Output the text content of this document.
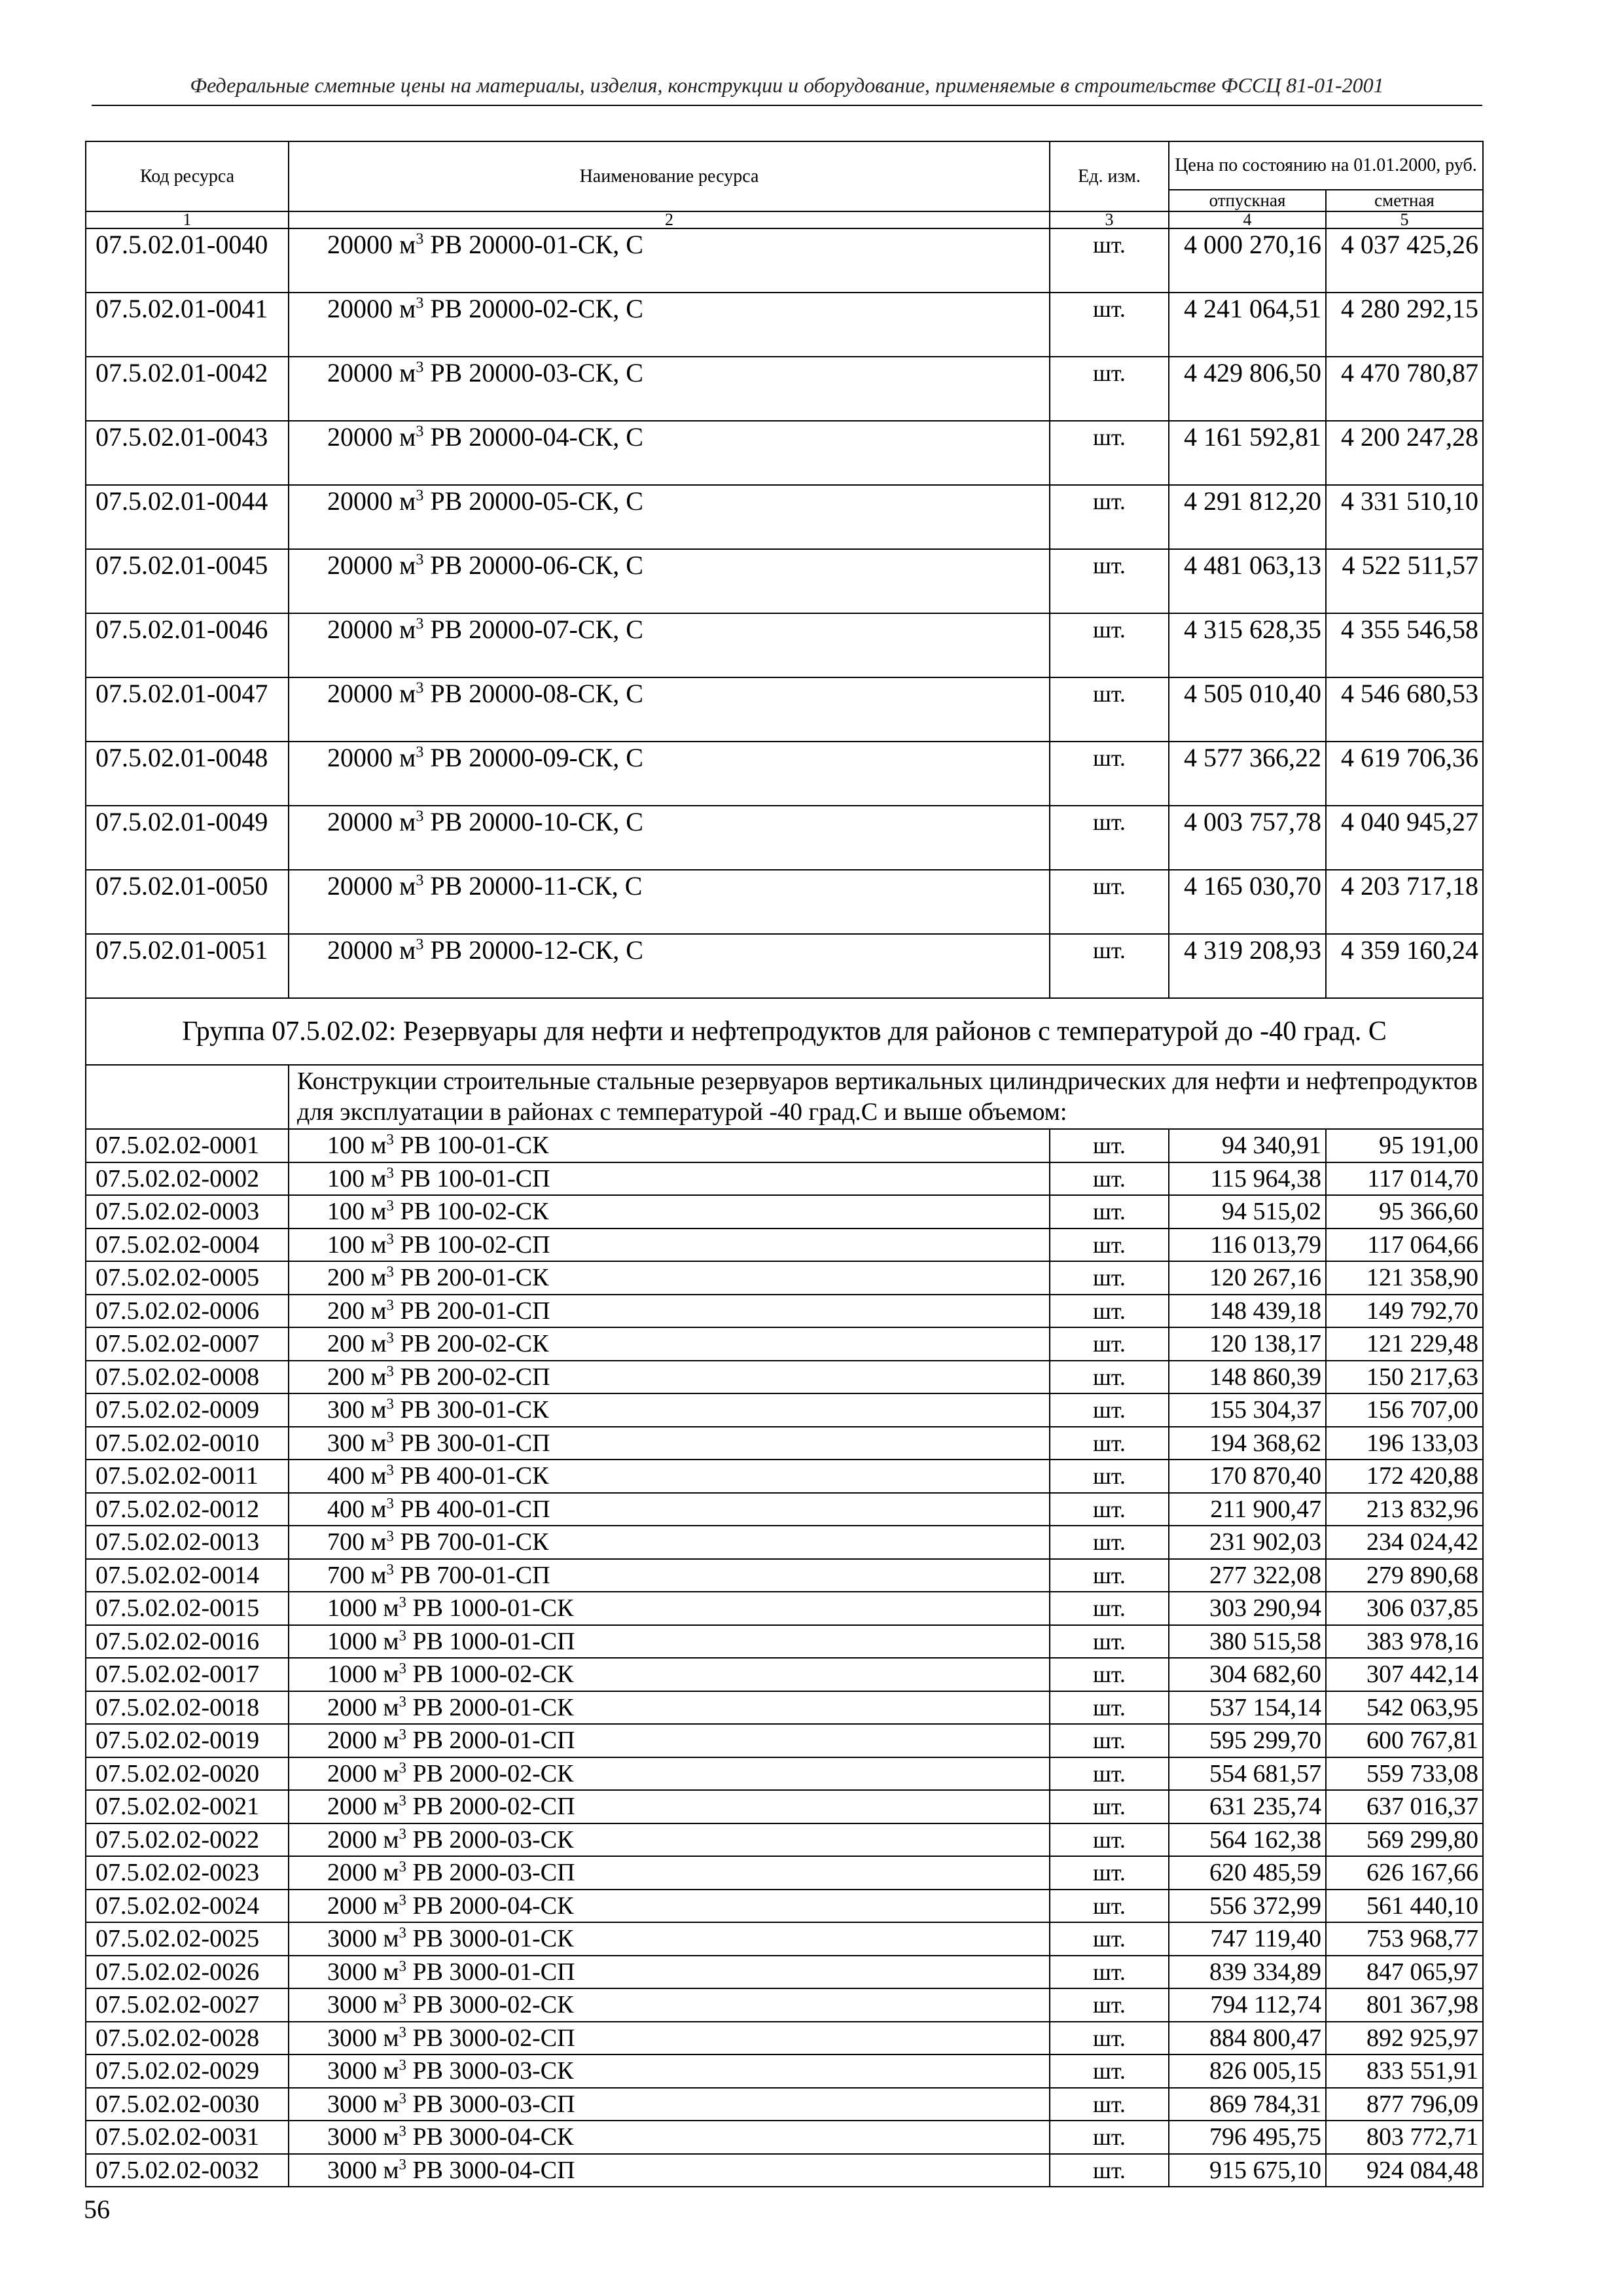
Федеральные сметные цены на материалы, изделия, конструкции и оборудование, применяемые в строительстве ФССЦ 81-01-2001
Код ресурса	Наименование ресурса	Ед. изм.	Цена по состоянию на 01.01.2000, руб.	
			отпускная	сметная
1	2	3	4	5
07.5.02.01-0040	20000 $м^3$ РВ 20000-01-СК, С	шт.	4 000 270,16	4 037 425,26
07.5.02.01-0041	20000 $м^3$ РВ 20000-02-СК, С	шт.	4 241 064,51	4 280 292,15
07.5.02.01-0042	20000 $м^3$ РВ 20000-03-СК, С	шт.	4 429 806,50	4 470 780,87
07.5.02.01-0043	20000 $м^3$ РВ 20000-04-СК, С	шт.	4 161 592,81	4 200 247,28
07.5.02.01-0044	20000 $м^3$ РВ 20000-05-СК, С	шт.	4 291 812,20	4 331 510,10
07.5.02.01-0045	20000 $м^3$ РВ 20000-06-СК, С	шт.	4 481 063,13	4 522 511,57
07.5.02.01-0046	20000 $м^3$ РВ 20000-07-СК, С	шт.	4 315 628,35	4 355 546,58
07.5.02.01-0047	20000 $м^3$ РВ 20000-08-СК, С	шт.	4 505 010,40	4 546 680,53
07.5.02.01-0048	20000 $м^3$ РВ 20000-09-СК, С	шт.	4 577 366,22	4 619 706,36
07.5.02.01-0049	20000 $м^3$ РВ 20000-10-СК, С	шт.	4 003 757,78	4 040 945,27
07.5.02.01-0050	20000 $м^3$ РВ 20000-11-СК, С	шт.	4 165 030,70	4 203 717,18
07.5.02.01-0051	20000 $м^3$ РВ 20000-12-СК, С	шт.	4 319 208,93	4 359 160,24
Группа 07.5.02.02: Резервуары для нефти и нефтепродуктов для районов с температурой до -40 град. С				
	Конструкции строительные стальные резервуаров вертикальных цилиндрических для нефти и нефтепродуктов для эксплуатации в районах с температурой -40 град.С и выше объемом:			
07.5.02.02-0001	100 $м^3$ РВ 100-01-СК	шт.	94 340,91	95 191,00
07.5.02.02-0002	100 $м^3$ РВ 100-01-СП	шт.	115 964,38	117 014,70
07.5.02.02-0003	100 $м^3$ РВ 100-02-СК	шт.	94 515,02	95 366,60
07.5.02.02-0004	100 $м^3$ РВ 100-02-СП	шт.	116 013,79	117 064,66
07.5.02.02-0005	200 $м^3$ РВ 200-01-СК	шт.	120 267,16	121 358,90
07.5.02.02-0006	200 $м^3$ РВ 200-01-СП	шт.	148 439,18	149 792,70
07.5.02.02-0007	200 $м^3$ РВ 200-02-СК	шт.	120 138,17	121 229,48
07.5.02.02-0008	200 $м^3$ РВ 200-02-СП	шт.	148 860,39	150 217,63
07.5.02.02-0009	300 $м^3$ РВ 300-01-СК	шт.	155 304,37	156 707,00
07.5.02.02-0010	300 $м^3$ РВ 300-01-СП	шт.	194 368,62	196 133,03
07.5.02.02-0011	400 $м^3$ РВ 400-01-СК	шт.	170 870,40	172 420,88
07.5.02.02-0012	400 $м^3$ РВ 400-01-СП	шт.	211 900,47	213 832,96
07.5.02.02-0013	700 $м^3$ РВ 700-01-СК	шт.	231 902,03	234 024,42
07.5.02.02-0014	700 $м^3$ РВ 700-01-СП	шт.	277 322,08	279 890,68
07.5.02.02-0015	1000 $м^3$ РВ 1000-01-СК	шт.	303 290,94	306 037,85
07.5.02.02-0016	1000 $м^3$ РВ 1000-01-СП	шт.	380 515,58	383 978,16
07.5.02.02-0017	1000 $м^3$ РВ 1000-02-СК	шт.	304 682,60	307 442,14
07.5.02.02-0018	2000 $м^3$ РВ 2000-01-СК	шт.	537 154,14	542 063,95
07.5.02.02-0019	2000 $м^3$ РВ 2000-01-СП	шт.	595 299,70	600 767,81
07.5.02.02-0020	2000 $м^3$ РВ 2000-02-СК	шт.	554 681,57	559 733,08
07.5.02.02-0021	2000 $м^3$ РВ 2000-02-СП	шт.	631 235,74	637 016,37
07.5.02.02-0022	2000 $м^3$ РВ 2000-03-СК	шт.	564 162,38	569 299,80
07.5.02.02-0023	2000 $м^3$ РВ 2000-03-СП	шт.	620 485,59	626 167,66
07.5.02.02-0024	2000 $м^3$ РВ 2000-04-СК	шт.	556 372,99	561 440,10
07.5.02.02-0025	3000 $м^3$ РВ 3000-01-СК	шт.	747 119,40	753 968,77
07.5.02.02-0026	3000 $м^3$ РВ 3000-01-СП	шт.	839 334,89	847 065,97
07.5.02.02-0027	3000 $м^3$ РВ 3000-02-СК	шт.	794 112,74	801 367,98
07.5.02.02-0028	3000 $м^3$ РВ 3000-02-СП	шт.	884 800,47	892 925,97
07.5.02.02-0029	3000 $м^3$ РВ 3000-03-СК	шт.	826 005,15	833 551,91
07.5.02.02-0030	3000 $м^3$ РВ 3000-03-СП	шт.	869 784,31	877 796,09
07.5.02.02-0031	3000 $м^3$ РВ 3000-04-СК	шт.	796 495,75	803 772,71
07.5.02.02-0032	3000 $м^3$ РВ 3000-04-СП	шт.	915 675,10	924 084,48
56
